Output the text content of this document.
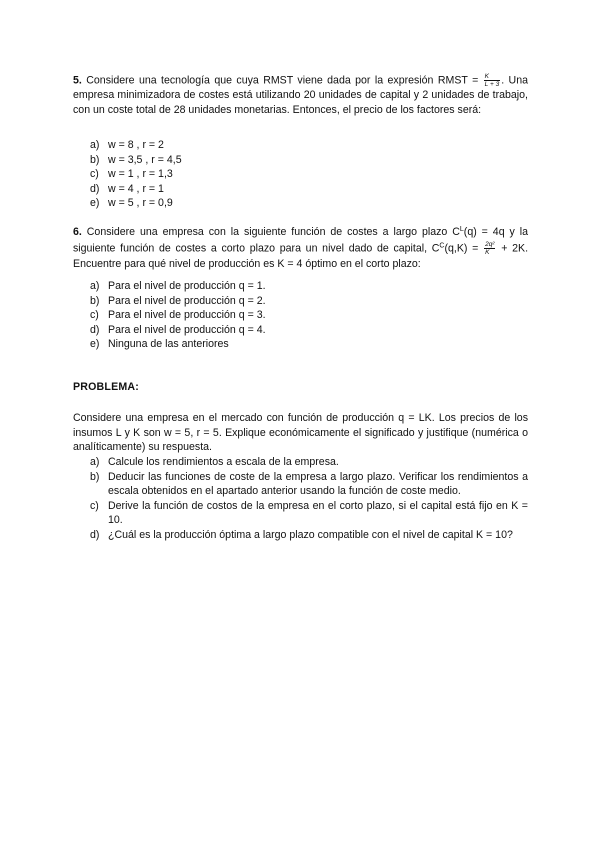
5. Considere una tecnología que cuya RMST viene dada por la expresión RMST = $\frac{K}{L + 3}$ . Una empresa minimizadora de costes está utilizando 20 unidades de capital y 2 unidades de trabajo, con un coste total de 28 unidades monetarias. Entonces, el precio de los factores será:
a) w = 8 , r = 2
b) w = 3,5 , r = 4,5
c) w = 1 , r = 1,3
d) w = 4 , r = 1
e) w = 5 , r = 0,9
6. Considere una empresa con la siguiente función de costes a largo plazo $C^L(q) = 4q$ y la siguiente función de costes a corto plazo para un nivel dado de capital, $C^C(q,K) = \frac{\text{2q²}}{K} + 2K$. Encuentre para qué nivel de producción es K = 4 óptimo en el corto plazo:
a) Para el nivel de producción q = 1.
b) Para el nivel de producción q = 2.
c) Para el nivel de producción q = 3.
d) Para el nivel de producción q = 4.
e) Ninguna de las anteriores
PROBLEMA:
Considere una empresa en el mercado con función de producción q = LK. Los precios de los insumos L y K son w = 5, r = 5. Explique económicamente el significado y justifique (numérica o analíticamente) su respuesta.
a) Calcule los rendimientos a escala de la empresa.
b) Deducir las funciones de coste de la empresa a largo plazo. Verificar los rendimientos a escala obtenidos en el apartado anterior usando la función de coste medio.
c) Derive la función de costos de la empresa en el corto plazo, si el capital está fijo en K = 10.
d) ¿Cuál es la producción óptima a largo plazo compatible con el nivel de capital K = 10?
